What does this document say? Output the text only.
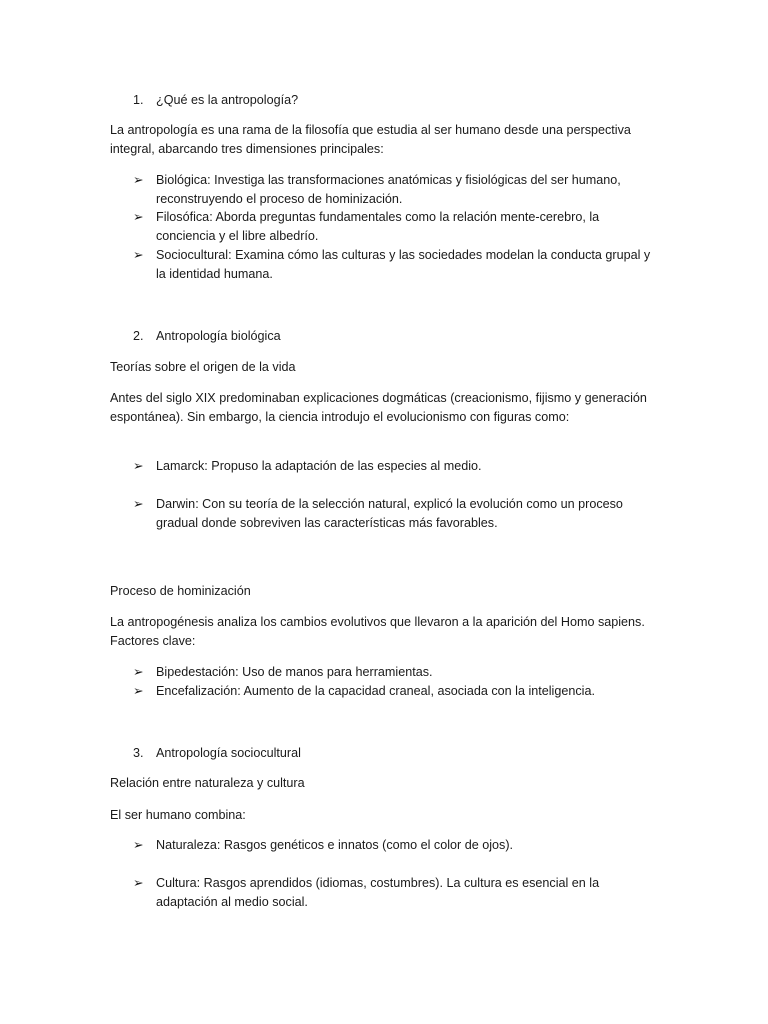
1. ¿Qué es la antropología?

La antropología es una rama de la filosofía que estudia al ser humano desde una perspectiva integral, abarcando tres dimensiones principales:

➢ Biológica: Investiga las transformaciones anatómicas y fisiológicas del ser humano, reconstruyendo el proceso de hominización.
➢ Filosófica: Aborda preguntas fundamentales como la relación mente-cerebro, la conciencia y el libre albedrío.
➢ Sociocultural: Examina cómo las culturas y las sociedades modelan la conducta grupal y la identidad humana.
2. Antropología biológica

Teorías sobre el origen de la vida

Antes del siglo XIX predominaban explicaciones dogmáticas (creacionismo, fijismo y generación espontánea). Sin embargo, la ciencia introdujo el evolucionismo con figuras como:

➢ Lamarck: Propuso la adaptación de las especies al medio.
➢ Darwin: Con su teoría de la selección natural, explicó la evolución como un proceso gradual donde sobreviven las características más favorables.

Proceso de hominización

La antropogénesis analiza los cambios evolutivos que llevaron a la aparición del Homo sapiens. Factores clave:

➢ Bipedestación: Uso de manos para herramientas.
➢ Encefalización: Aumento de la capacidad craneal, asociada con la inteligencia.
3. Antropología sociocultural

Relación entre naturaleza y cultura

El ser humano combina:

➢ Naturaleza: Rasgos genéticos e innatos (como el color de ojos).
➢ Cultura: Rasgos aprendidos (idiomas, costumbres). La cultura es esencial en la adaptación al medio social.
